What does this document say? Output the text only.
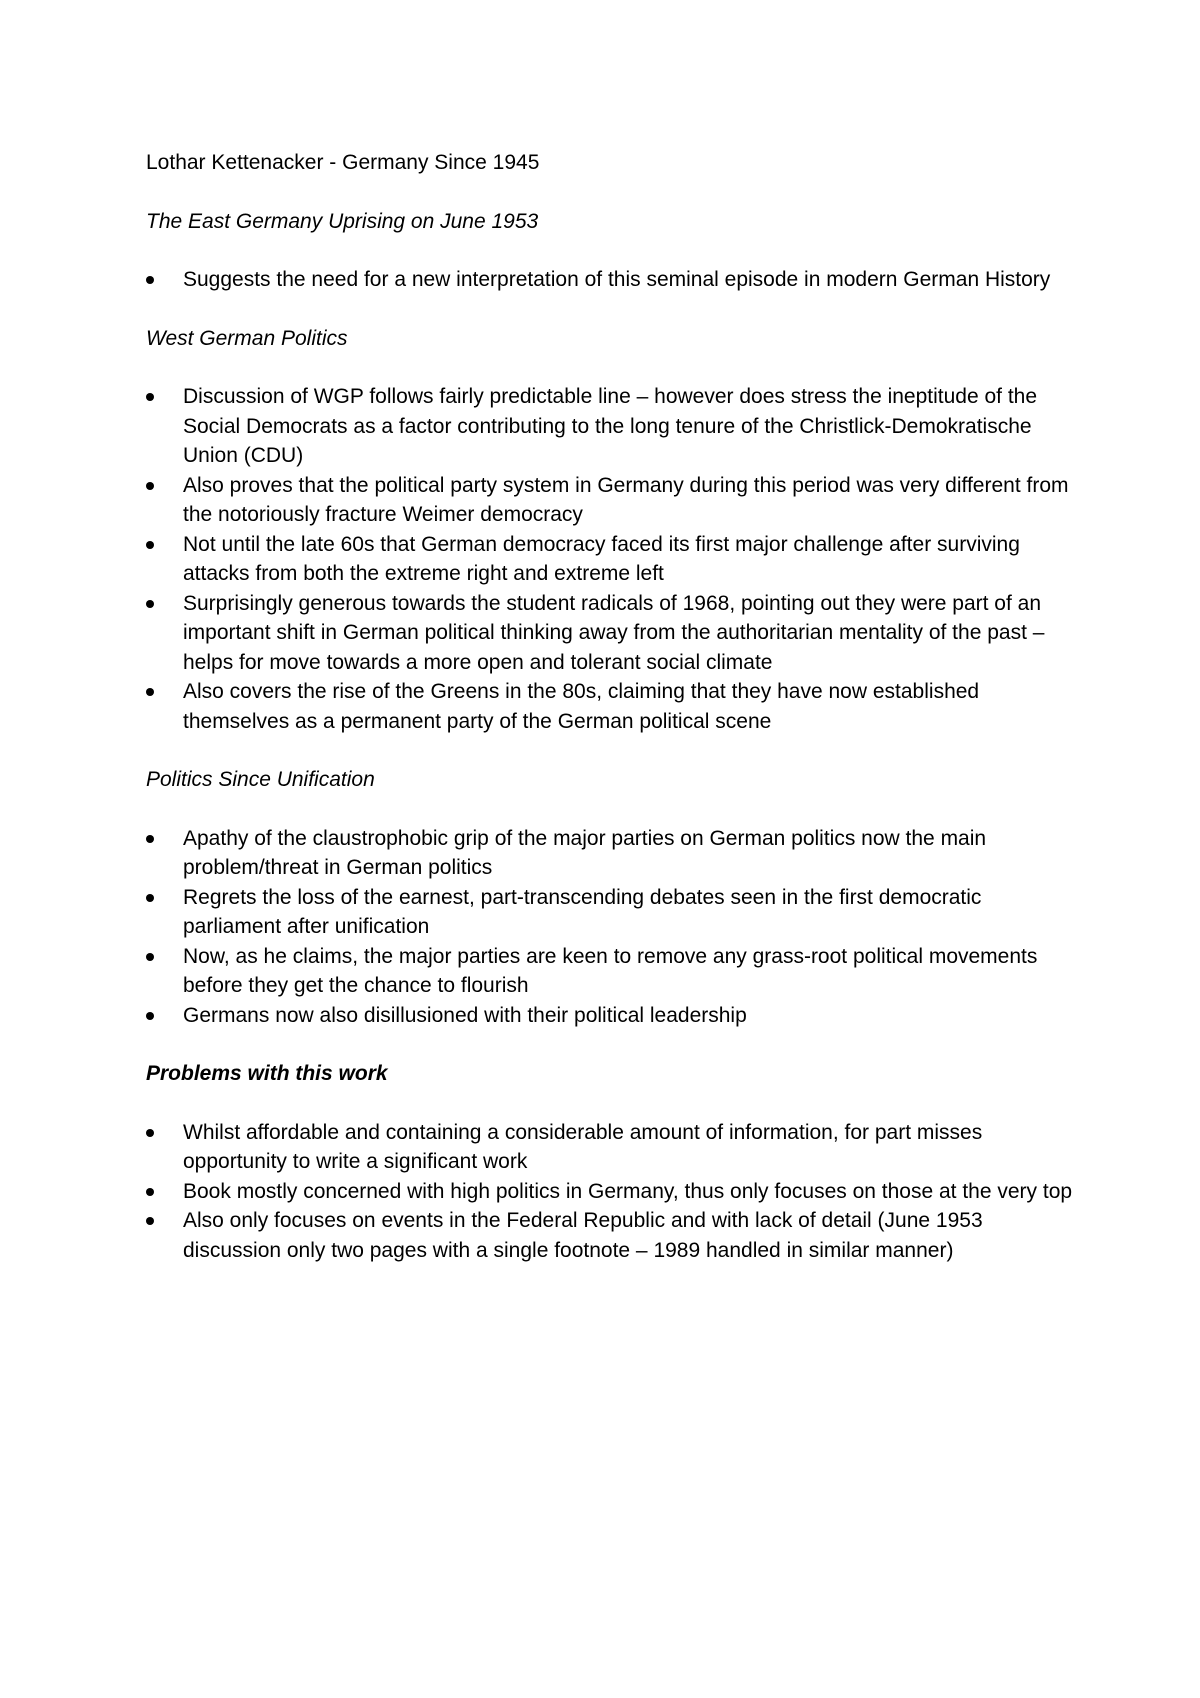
Lothar Kettenacker - Germany Since 1945

The East Germany Uprising on June 1953

Suggests the need for a new interpretation of this seminal episode in modern German History

West German Politics

Discussion of WGP follows fairly predictable line – however does stress the ineptitude of the Social Democrats as a factor contributing to the long tenure of the Christlick-Demokratische Union (CDU)
Also proves that the political party system in Germany during this period was very different from the notoriously fracture Weimer democracy
Not until the late 60s that German democracy faced its first major challenge after surviving attacks from both the extreme right and extreme left
Surprisingly generous towards the student radicals of 1968, pointing out they were part of an important shift in German political thinking away from the authoritarian mentality of the past – helps for move towards a more open and tolerant social climate
Also covers the rise of the Greens in the 80s, claiming that they have now established themselves as a permanent party of the German political scene

Politics Since Unification

Apathy of the claustrophobic grip of the major parties on German politics now the main problem/threat in German politics
Regrets the loss of the earnest, part-transcending debates seen in the first democratic parliament after unification
Now, as he claims, the major parties are keen to remove any grass-root political movements before they get the chance to flourish
Germans now also disillusioned with their political leadership

Problems with this work

Whilst affordable and containing a considerable amount of information, for part misses opportunity to write a significant work
Book mostly concerned with high politics in Germany, thus only focuses on those at the very top
Also only focuses on events in the Federal Republic and with lack of detail (June 1953 discussion only two pages with a single footnote – 1989 handled in similar manner)
